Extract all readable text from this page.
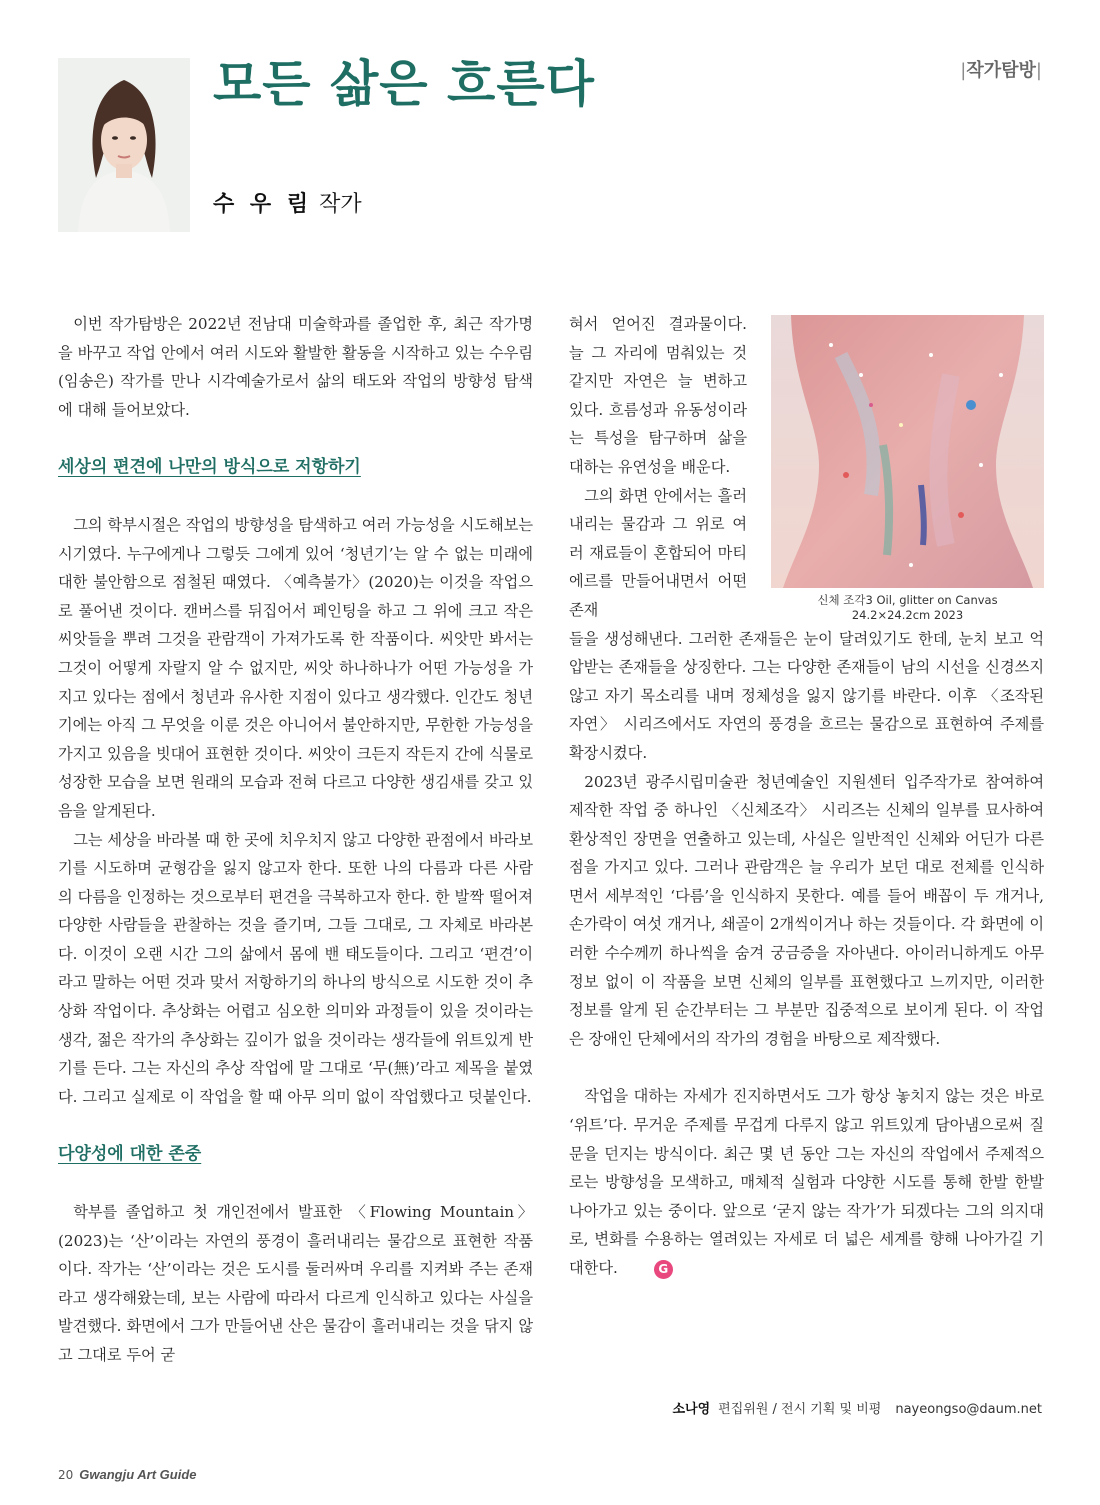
모든 삶은 흐른다	|작가탐방|
수 우 림 작가

이번 작가탐방은 2022년 전남대 미술학과를 졸업한 후, 최근 작가명을 바꾸고 작업 안에서 여러 시도와 활발한 활동을 시작하고 있는 수우림(임송은) 작가를 만나 시각예술가로서 삶의 태도와 작업의 방향성 탐색에 대해 들어보았다.

세상의 편견에 나만의 방식으로 저항하기

그의 학부시절은 작업의 방향성을 탐색하고 여러 가능성을 시도해보는 시기였다. 누구에게나 그렇듯 그에게 있어 ‘청년기’는 알 수 없는 미래에 대한 불안함으로 점철된 때였다. 〈예측불가〉(2020)는 이것을 작업으로 풀어낸 것이다. 캔버스를 뒤집어서 페인팅을 하고 그 위에 크고 작은 씨앗들을 뿌려 그것을 관람객이 가져가도록 한 작품이다. 씨앗만 봐서는 그것이 어떻게 자랄지 알 수 없지만, 씨앗 하나하나가 어떤 가능성을 가지고 있다는 점에서 청년과 유사한 지점이 있다고 생각했다. 인간도 청년기에는 아직 그 무엇을 이룬 것은 아니어서 불안하지만, 무한한 가능성을 가지고 있음을 빗대어 표현한 것이다. 씨앗이 크든지 작든지 간에 식물로 성장한 모습을 보면 원래의 모습과 전혀 다르고 다양한 생김새를 갖고 있음을 알게된다.

그는 세상을 바라볼 때 한 곳에 치우치지 않고 다양한 관점에서 바라보기를 시도하며 균형감을 잃지 않고자 한다. 또한 나의 다름과 다른 사람의 다름을 인정하는 것으로부터 편견을 극복하고자 한다. 한 발짝 떨어져 다양한 사람들을 관찰하는 것을 즐기며, 그들 그대로, 그 자체로 바라본다. 이것이 오랜 시간 그의 삶에서 몸에 밴 태도들이다. 그리고 ‘편견’이라고 말하는 어떤 것과 맞서 저항하기의 하나의 방식으로 시도한 것이 추상화 작업이다. 추상화는 어렵고 심오한 의미와 과정들이 있을 것이라는 생각, 젊은 작가의 추상화는 깊이가 없을 것이라는 생각들에 위트있게 반기를 든다. 그는 자신의 추상 작업에 말 그대로 ‘무(無)’라고 제목을 붙였다. 그리고 실제로 이 작업을 할 때 아무 의미 없이 작업했다고 덧붙인다.

다양성에 대한 존중

학부를 졸업하고 첫 개인전에서 발표한 〈Flowing Mountain〉(2023)는 ‘산’이라는 자연의 풍경이 흘러내리는 물감으로 표현한 작품이다. 작가는 ‘산’이라는 것은 도시를 둘러싸며 우리를 지켜봐 주는 존재라고 생각해왔는데, 보는 사람에 따라서 다르게 인식하고 있다는 사실을 발견했다. 화면에서 그가 만들어낸 산은 물감이 흘러내리는 것을 닦지 않고 그대로 두어 굳

혀서 얻어진 결과물이다. 늘 그 자리에 멈춰있는 것 같지만 자연은 늘 변하고 있다. 흐름성과 유동성이라는 특성을 탐구하며 삶을 대하는 유연성을 배운다.

그의 화면 안에서는 흘러내리는 물감과 그 위로 여러 재료들이 혼합되어 마티에르를 만들어내면서 어떤 존재

들을 생성해낸다. 그러한 존재들은 눈이 달려있기도 한데, 눈치 보고 억압받는 존재들을 상징한다. 그는 다양한 존재들이 남의 시선을 신경쓰지 않고 자기 목소리를 내며 정체성을 잃지 않기를 바란다. 이후 〈조작된 자연〉 시리즈에서도 자연의 풍경을 흐르는 물감으로 표현하여 주제를 확장시켰다.

2023년 광주시립미술관 청년예술인 지원센터 입주작가로 참여하여 제작한 작업 중 하나인 〈신체조각〉 시리즈는 신체의 일부를 묘사하여 환상적인 장면을 연출하고 있는데, 사실은 일반적인 신체와 어딘가 다른 점을 가지고 있다. 그러나 관람객은 늘 우리가 보던 대로 전체를 인식하면서 세부적인 ‘다름’을 인식하지 못한다. 예를 들어 배꼽이 두 개거나, 손가락이 여섯 개거나, 쇄골이 2개씩이거나 하는 것들이다. 각 화면에 이러한 수수께끼 하나씩을 숨겨 궁금증을 자아낸다. 아이러니하게도 아무 정보 없이 이 작품을 보면 신체의 일부를 표현했다고 느끼지만, 이러한 정보를 알게 된 순간부터는 그 부분만 집중적으로 보이게 된다. 이 작업은 장애인 단체에서의 작가의 경험을 바탕으로 제작했다.

작업을 대하는 자세가 진지하면서도 그가 항상 놓치지 않는 것은 바로 ‘위트’다. 무거운 주제를 무겁게 다루지 않고 위트있게 담아냄으로써 질문을 던지는 방식이다. 최근 몇 년 동안 그는 자신의 작업에서 주제적으로는 방향성을 모색하고, 매체적 실험과 다양한 시도를 통해 한발 한발 나아가고 있는 중이다. 앞으로 ‘굳지 않는 작가’가 되겠다는 그의 의지대로, 변화를 수용하는 열려있는 자세로 더 넓은 세계를 향해 나아가길 기대한다.	G

신체 조각3 Oil, glitter on Canvas
24.2×24.2cm 2023
소나영 편집위원 / 전시 기획 및 비평 nayeongso@daum.net
20 Gwangju Art Guide
